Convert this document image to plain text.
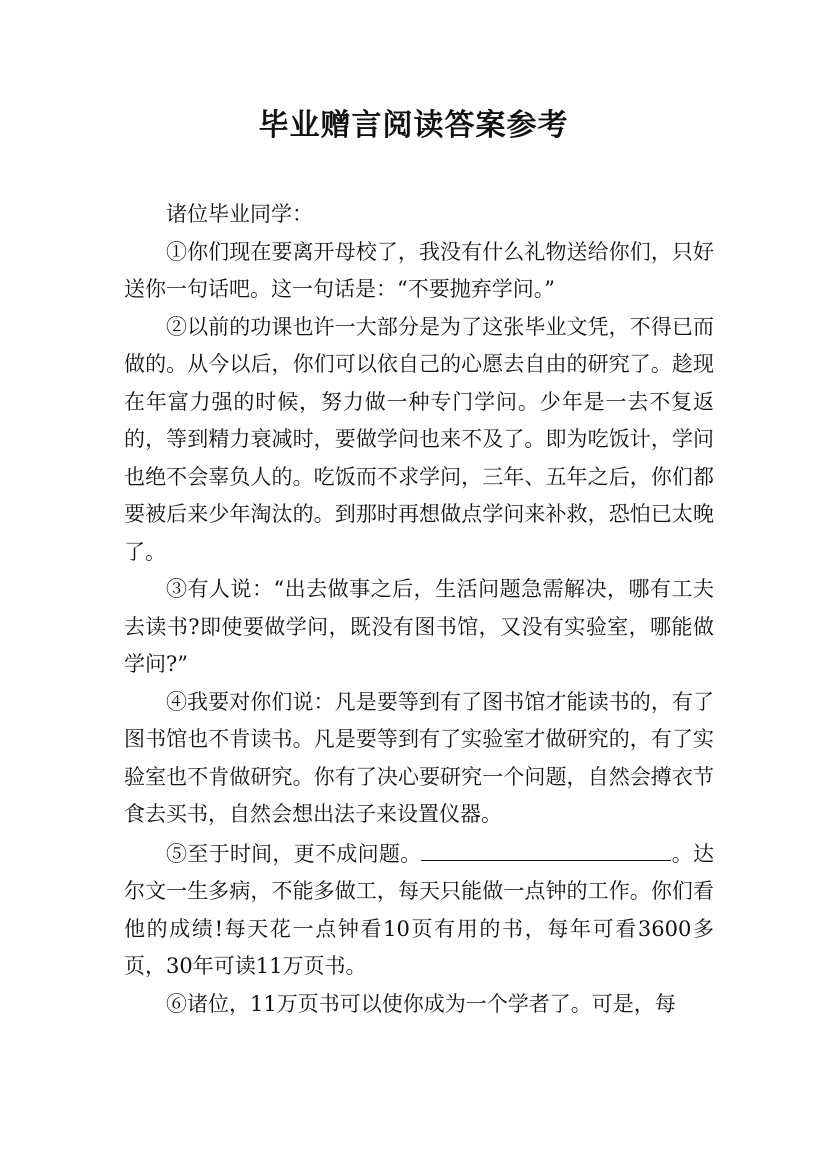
毕业赠言阅读答案参考

诸位毕业同学：

①你们现在要离开母校了，我没有什么礼物送给你们，只好送你一句话吧。这一句话是：“不要抛弃学问。”

②以前的功课也许一大部分是为了这张毕业文凭，不得已而做的。从今以后，你们可以依自己的心愿去自由的研究了。趁现在年富力强的时候，努力做一种专门学问。少年是一去不复返的，等到精力衰减时，要做学问也来不及了。即为吃饭计，学问也绝不会辜负人的。吃饭而不求学问，三年、五年之后，你们都要被后来少年淘汰的。到那时再想做点学问来补救，恐怕已太晚了。

③有人说：“出去做事之后，生活问题急需解决，哪有工夫去读书?即使要做学问，既没有图书馆，又没有实验室，哪能做学问?”

④我要对你们说：凡是要等到有了图书馆才能读书的，有了图书馆也不肯读书。凡是要等到有了实验室才做研究的，有了实验室也不肯做研究。你有了决心要研究一个问题，自然会撙衣节食去买书，自然会想出法子来设置仪器。

⑤至于时间，更不成问题。	。达尔文一生多病，不能多做工，每天只能做一点钟的工作。你们看他的成绩!每天花一点钟看10页有用的书，每年可看3600多页，30年可读11万页书。

⑥诸位，11万页书可以使你成为一个学者了。可是，每
